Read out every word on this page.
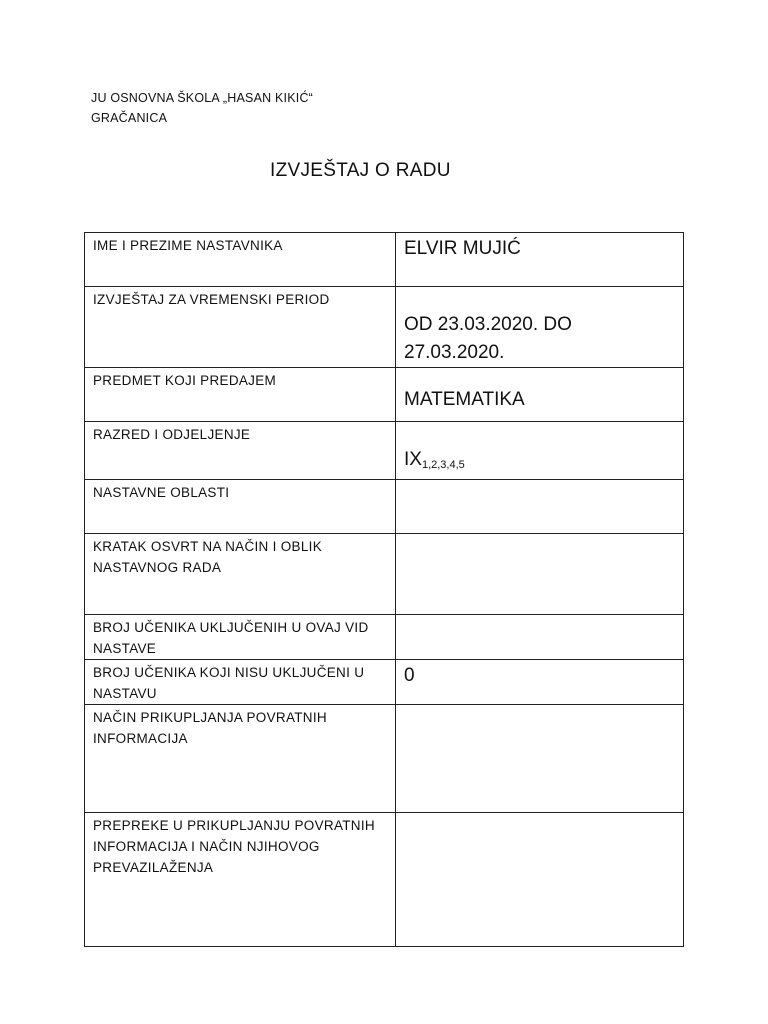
JU OSNOVNA ŠKOLA „HASAN KIKIĆ“
GRAČANICA
IZVJEŠTAJ O RADU
IME I PREZIME NASTAVNIKA	ELVIR MUJIĆ

IZVJEŠTAJ ZA VREMENSKI PERIOD	OD 23.03.2020. DO 27.03.2020.

PREDMET KOJI PREDAJEM	MATEMATIKA

RAZRED I ODJELJENJE	$IX_{1,2,3,4,5}$

NASTAVNE OBLASTI	
KRATAK OSVRT NA NAČIN I OBLIK NASTAVNOG RADA	
BROJ UČENIKA UKLJUČENIH U OVAJ VID NASTAVE	
BROJ UČENIKA KOJI NISU UKLJUČENI U NASTAVU	0

NAČIN PRIKUPLJANJA POVRATNIH INFORMACIJA	
PREPREKE U PRIKUPLJANJU POVRATNIH INFORMACIJA I NAČIN NJIHOVOG PREVAZILAŽENJA	
